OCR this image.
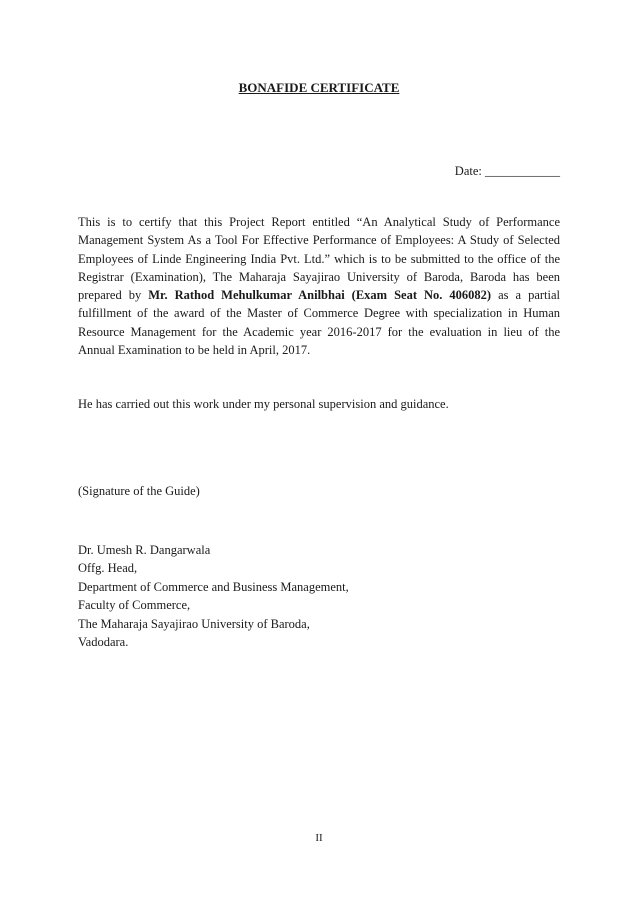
BONAFIDE CERTIFICATE
Date: ____________

This is to certify that this Project Report entitled “An Analytical Study of Performance Management System As a Tool For Effective Performance of Employees: A Study of Selected Employees of Linde Engineering India Pvt. Ltd.” which is to be submitted to the office of the Registrar (Examination), The Maharaja Sayajirao University of Baroda, Baroda has been prepared by Mr. Rathod Mehulkumar Anilbhai (Exam Seat No. 406082) as a partial fulfillment of the award of the Master of Commerce Degree with specialization in Human Resource Management for the Academic year 2016-2017 for the evaluation in lieu of the Annual Examination to be held in April, 2017.

He has carried out this work under my personal supervision and guidance.
(Signature of the Guide)
Dr. Umesh R. Dangarwala
Offg. Head,
Department of Commerce and Business Management,
Faculty of Commerce,
The Maharaja Sayajirao University of Baroda,
Vadodara.
II
